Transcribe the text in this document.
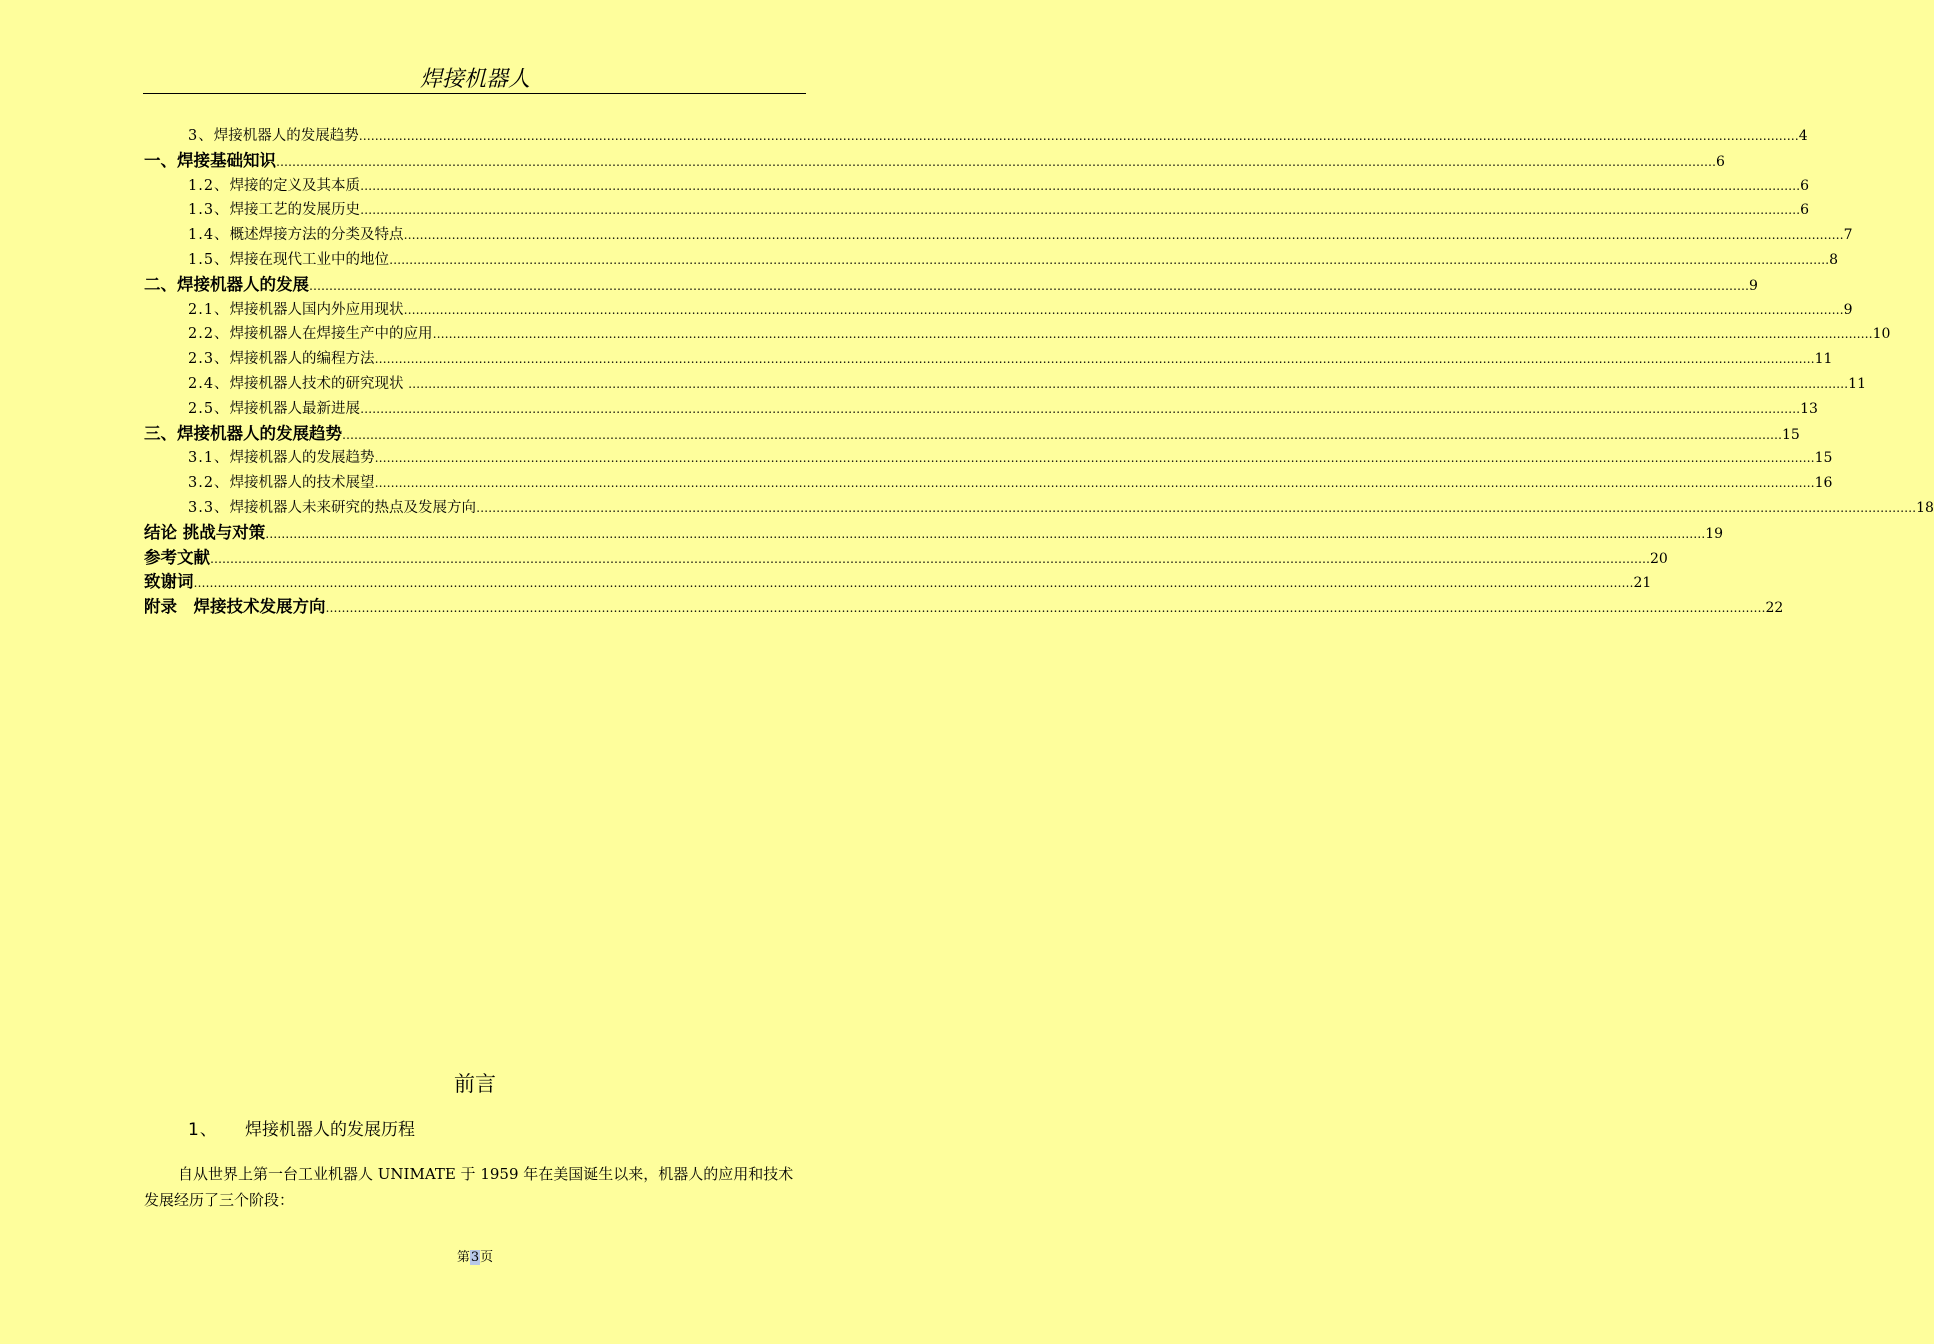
焊接机器人
3、 焊接机器人的发展趋势 ……………………………………………………………………………………………………………………………………………………………………………………………………………………………………………………………………………………………………………………………… 4
一、焊接基础知识 ……………………………………………………………………………………………………………………………………………………………………………………………………………………………………………………………………………………………………………………………… 6
1.2、 焊接的定义及其本质 ……………………………………………………………………………………………………………………………………………………………………………………………………………………………………………………………………………………………………………………………… 6
1.3、 焊接工艺的发展历史 ……………………………………………………………………………………………………………………………………………………………………………………………………………………………………………………………………………………………………………………………… 6
1.4、 概述焊接方法的分类及特点 ……………………………………………………………………………………………………………………………………………………………………………………………………………………………………………………………………………………………………………………………… 7
1.5、 焊接在现代工业中的地位 ……………………………………………………………………………………………………………………………………………………………………………………………………………………………………………………………………………………………………………………………… 8
二、焊接机器人的发展 ……………………………………………………………………………………………………………………………………………………………………………………………………………………………………………………………………………………………………………………………… 9
2.1、 焊接机器人国内外应用现状 ……………………………………………………………………………………………………………………………………………………………………………………………………………………………………………………………………………………………………………………………… 9
2.2、 焊接机器人在焊接生产中的应用 ……………………………………………………………………………………………………………………………………………………………………………………………………………………………………………………………………………………………………………………………… 10
2.3、 焊接机器人的编程方法 ……………………………………………………………………………………………………………………………………………………………………………………………………………………………………………………………………………………………………………………………… 11
2.4、 焊接机器人技术的研究现状 ……………………………………………………………………………………………………………………………………………………………………………………………………………………………………………………………………………………………………………………………… 11
2.5、 焊接机器人最新进展 ……………………………………………………………………………………………………………………………………………………………………………………………………………………………………………………………………………………………………………………………… 13
三、焊接机器人的发展趋势 ……………………………………………………………………………………………………………………………………………………………………………………………………………………………………………………………………………………………………………………………… 15
3.1、 焊接机器人的发展趋势 ……………………………………………………………………………………………………………………………………………………………………………………………………………………………………………………………………………………………………………………………… 15
3.2、 焊接机器人的技术展望 ……………………………………………………………………………………………………………………………………………………………………………………………………………………………………………………………………………………………………………………………… 16
3.3、 焊接机器人未来研究的热点及发展方向 ……………………………………………………………………………………………………………………………………………………………………………………………………………………………………………………………………………………………………………………………… 18
结论 挑战与对策 ……………………………………………………………………………………………………………………………………………………………………………………………………………………………………………………………………………………………………………………………… 19
参考文献 ……………………………………………………………………………………………………………………………………………………………………………………………………………………………………………………………………………………………………………………………… 20
致谢词 ……………………………………………………………………………………………………………………………………………………………………………………………………………………………………………………………………………………………………………………………… 21
附录　焊接技术发展方向 ……………………………………………………………………………………………………………………………………………………………………………………………………………………………………………………………………………………………………………………………… 22
前言
1、 焊接机器人的发展历程
自从世界上第一台工业机器人 UNIMATE 于 1959 年在美国诞生以来，机器人的应用和技术发展经历了三个阶段：
第3页
